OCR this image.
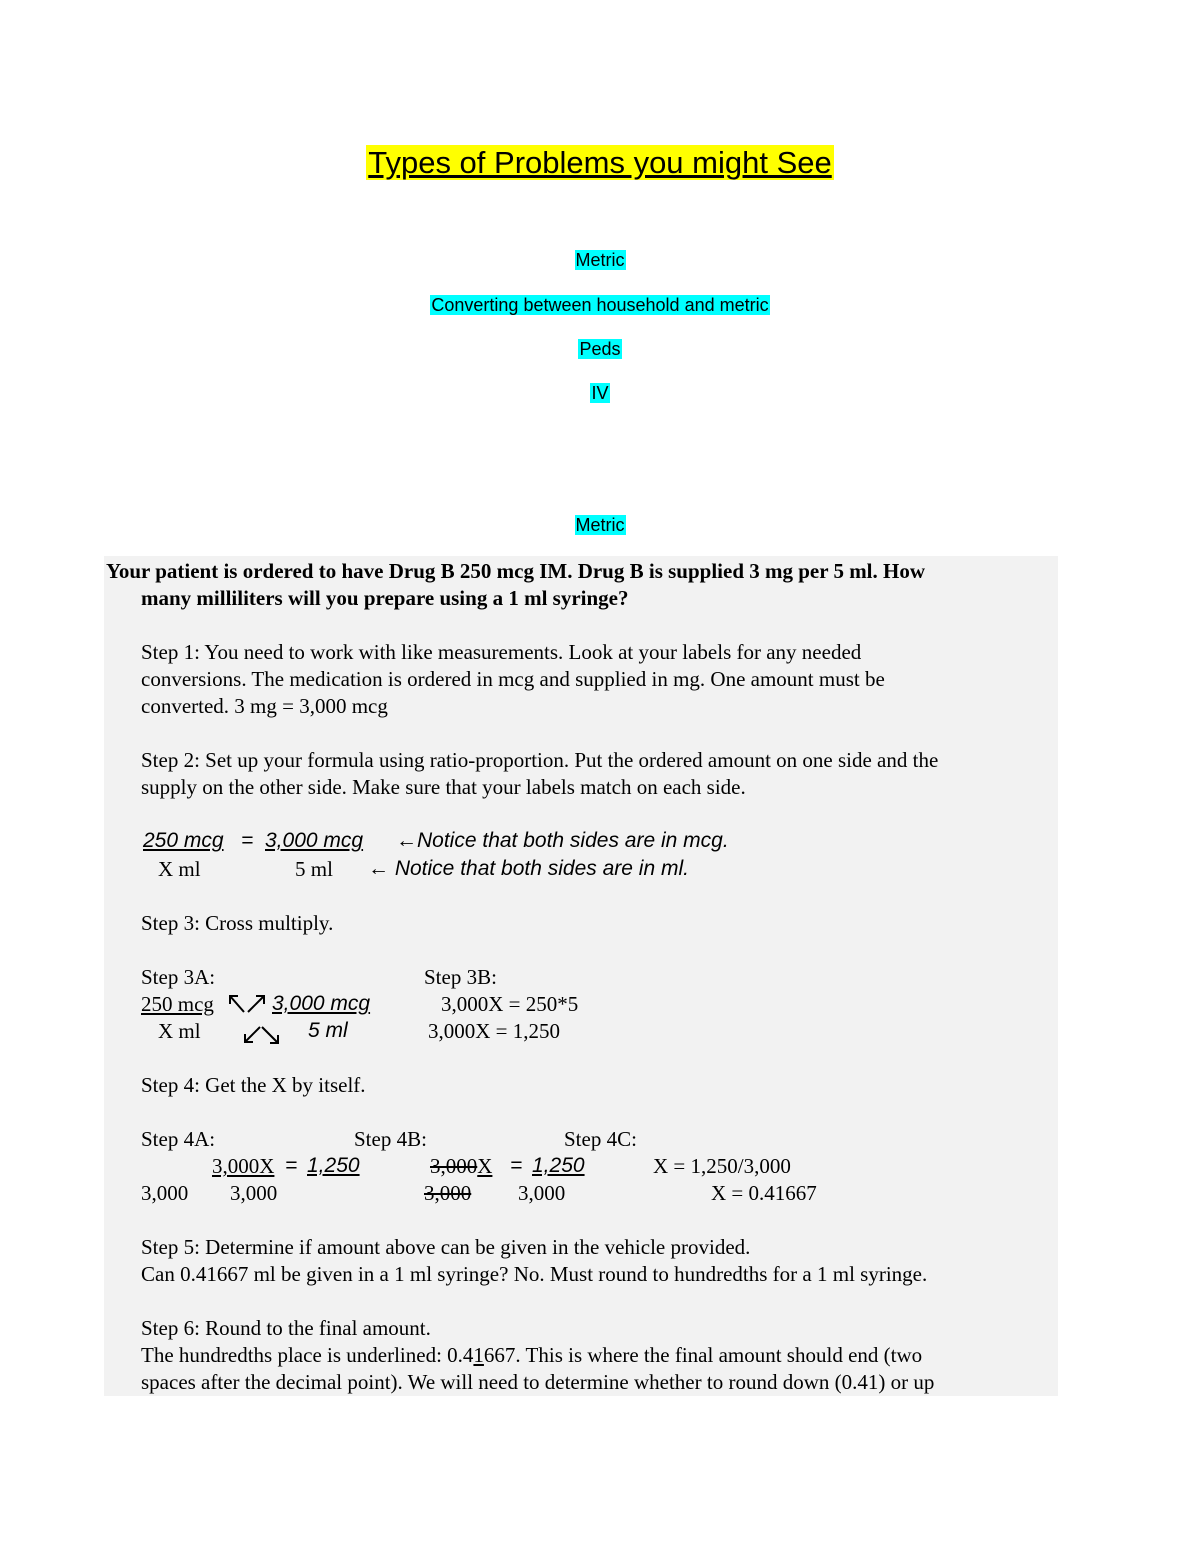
Types of Problems you might See
Metric
Converting between household and metric
Peds
IV
Metric
Your patient is ordered to have Drug B 250 mcg IM. Drug B is supplied 3 mg per 5 ml. How
many milliliters will you prepare using a 1 ml syringe?
Step 1: You need to work with like measurements. Look at your labels for any needed
conversions. The medication is ordered in mcg and supplied in mg. One amount must be
converted. 3 mg = 3,000 mcg
Step 2: Set up your formula using ratio-proportion. Put the ordered amount on one side and the
supply on the other side. Make sure that your labels match on each side.
250 mcg = 3,000 mcg ←Notice that both sides are in mcg.
X ml	5 ml ← Notice that both sides are in ml.
Step 3: Cross multiply.
Step 3A:	Step 3B:
250 mcg	3,000 mcg	3,000X = 250*5
X ml	5 ml	3,000X = 1,250
Step 4: Get the X by itself.
Step 4A:	Step 4B:	Step 4C:
3,000X = 1,250	3,000X = 1,250	X = 1,250/3,000
3,000 3,000	3,000 3,000	X = 0.41667
Step 5: Determine if amount above can be given in the vehicle provided.
Can 0.41667 ml be given in a 1 ml syringe? No. Must round to hundredths for a 1 ml syringe.
Step 6: Round to the final amount.
The hundredths place is underlined: 0.41667. This is where the final amount should end (two
spaces after the decimal point). We will need to determine whether to round down (0.41) or up
